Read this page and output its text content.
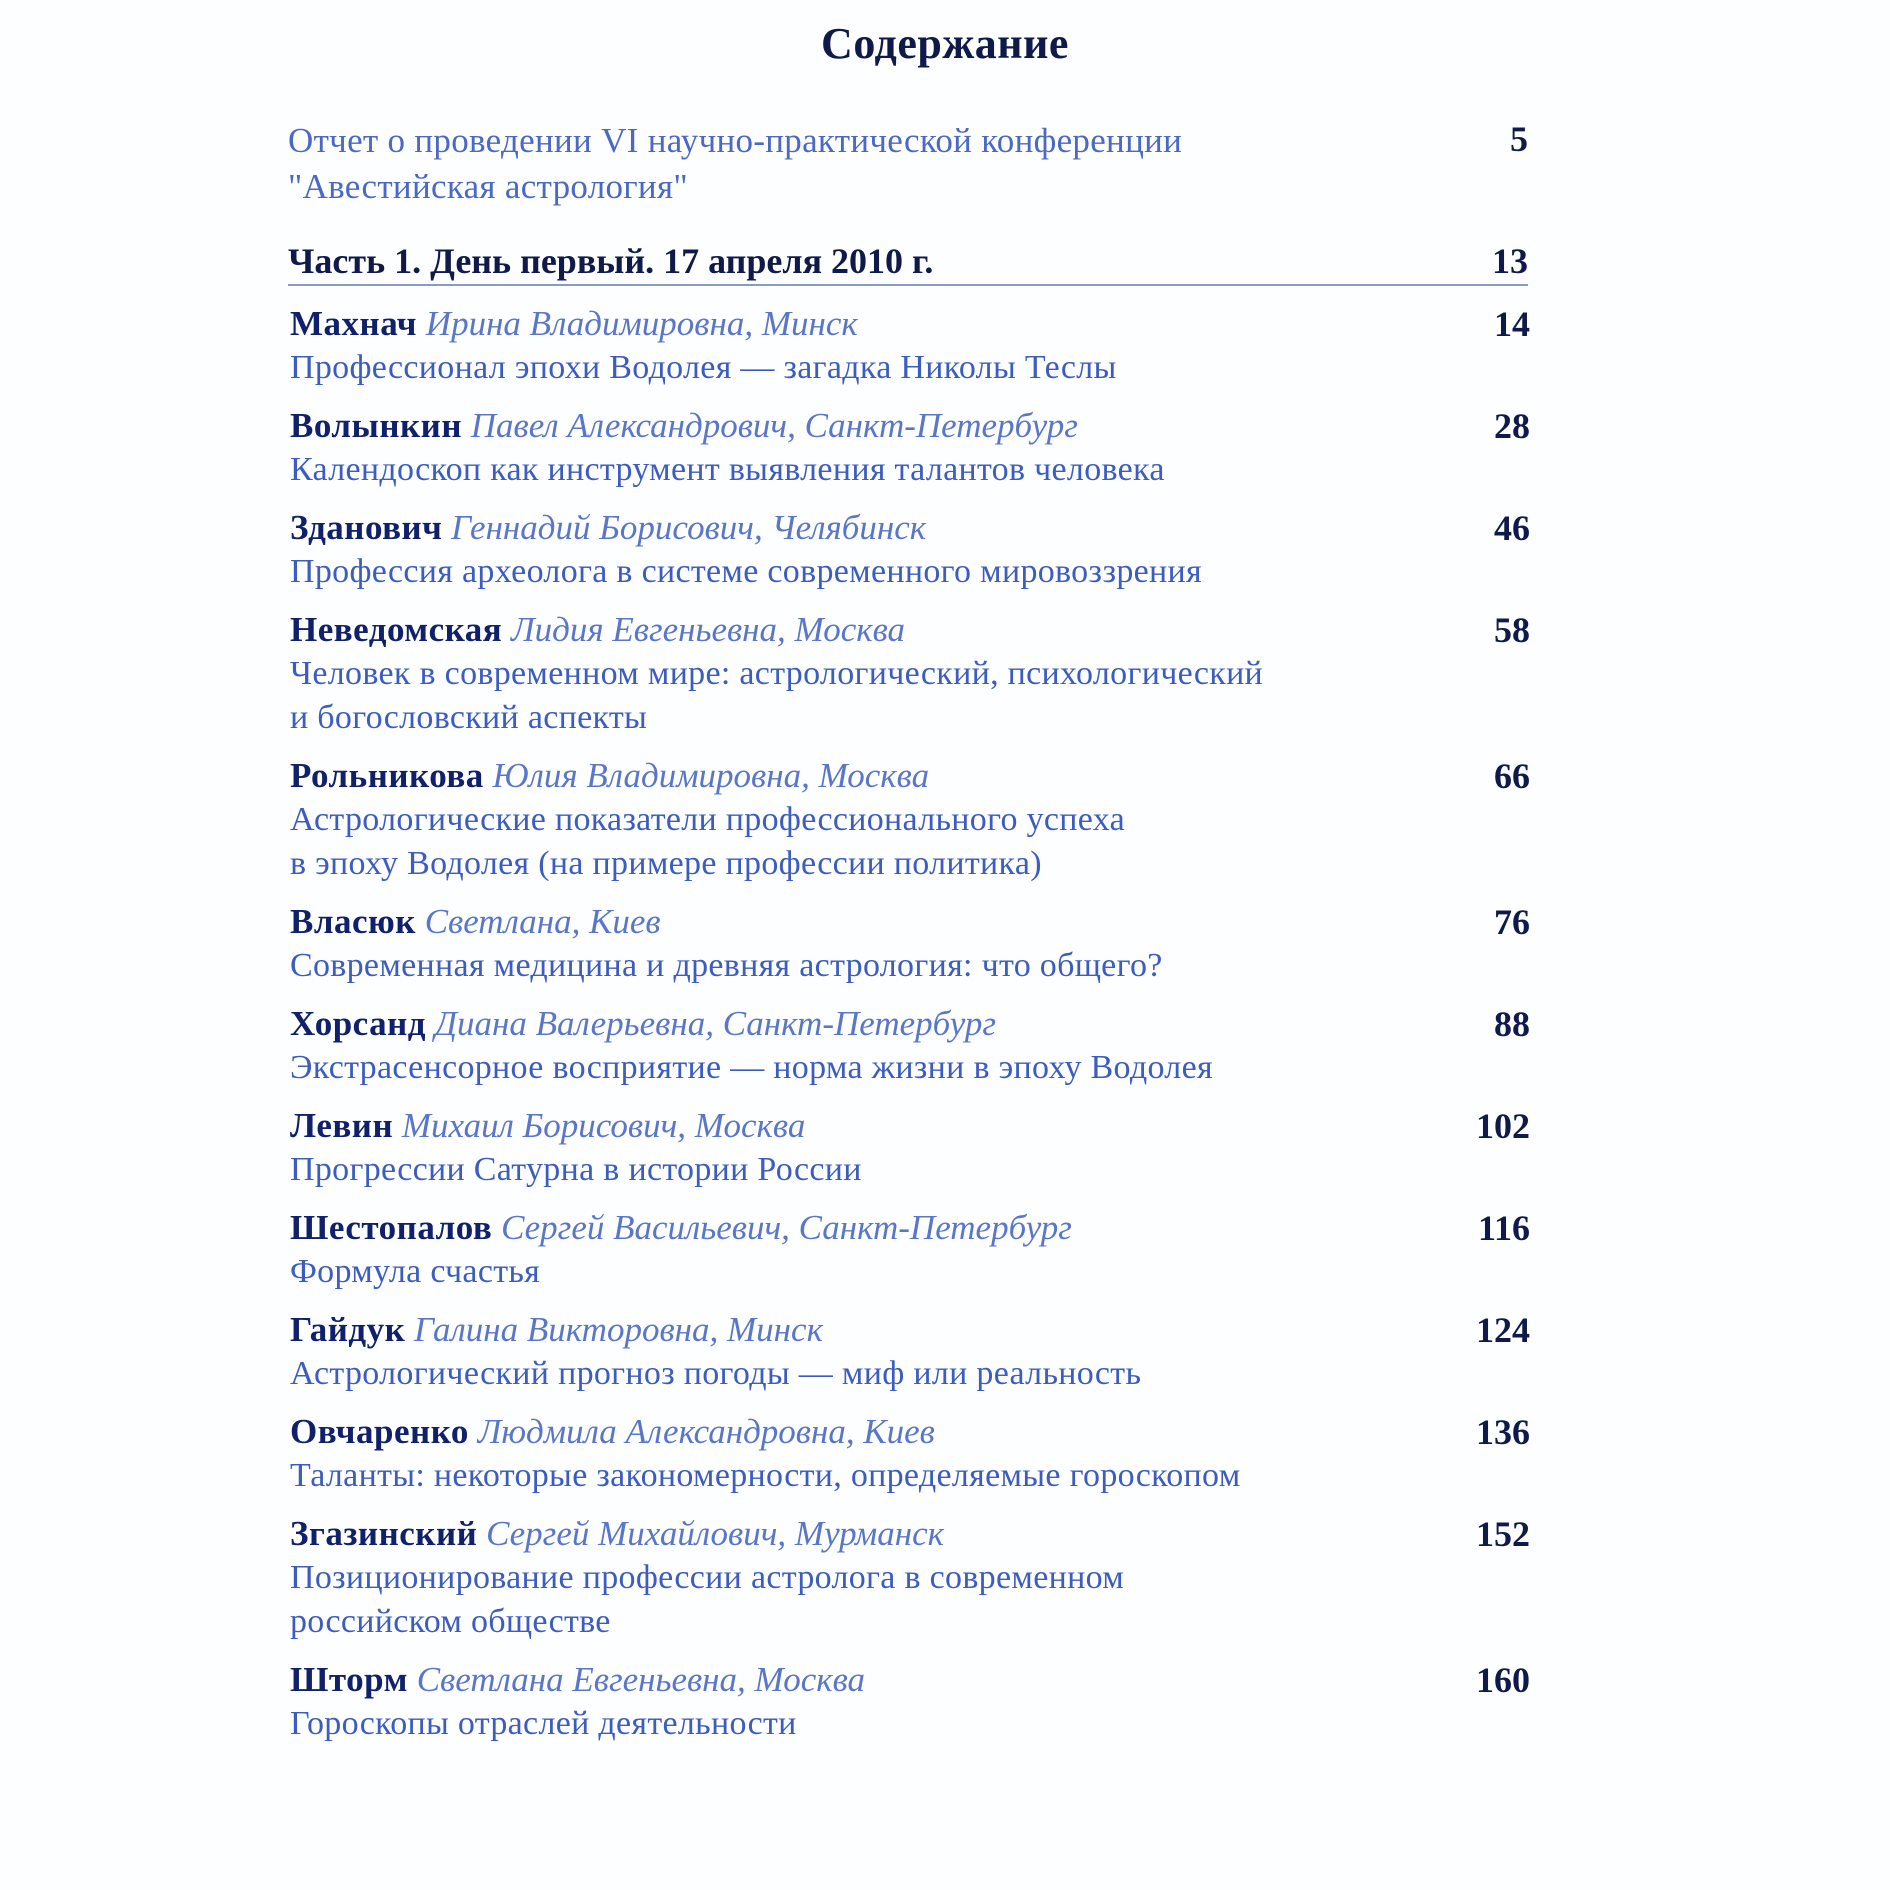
Содержание
Отчет о проведении VI научно-практической конференции
"Авестийская астрология"
5
Часть 1. День первый. 17 апреля 2010 г.	13
Махнач Ирина Владимировна, Минск
Профессионал эпохи Водолея — загадка Николы Теслы
14
Волынкин Павел Александрович, Санкт-Петербург
Календоскоп как инструмент выявления талантов человека
28
Зданович Геннадий Борисович, Челябинск
Профессия археолога в системе современного мировоззрения
46
Неведомская Лидия Евгеньевна, Москва
Человек в современном мире: астрологический, психологический
и богословский аспекты
58
Рольникова Юлия Владимировна, Москва
Астрологические показатели профессионального успеха
в эпоху Водолея (на примере профессии политика)
66
Власюк Светлана, Киев
Современная медицина и древняя астрология: что общего?
76
Хорсанд Диана Валерьевна, Санкт-Петербург
Экстрасенсорное восприятие — норма жизни в эпоху Водолея
88
Левин Михаил Борисович, Москва
Прогрессии Сатурна в истории России
102
Шестопалов Сергей Васильевич, Санкт-Петербург
Формула счастья
116
Гайдук Галина Викторовна, Минск
Астрологический прогноз погоды — миф или реальность
124
Овчаренко Людмила Александровна, Киев
Таланты: некоторые закономерности, определяемые гороскопом
136
Згазинский Сергей Михайлович, Мурманск
Позиционирование профессии астролога в современном
российском обществе
152
Шторм Светлана Евгеньевна, Москва
Гороскопы отраслей деятельности
160
